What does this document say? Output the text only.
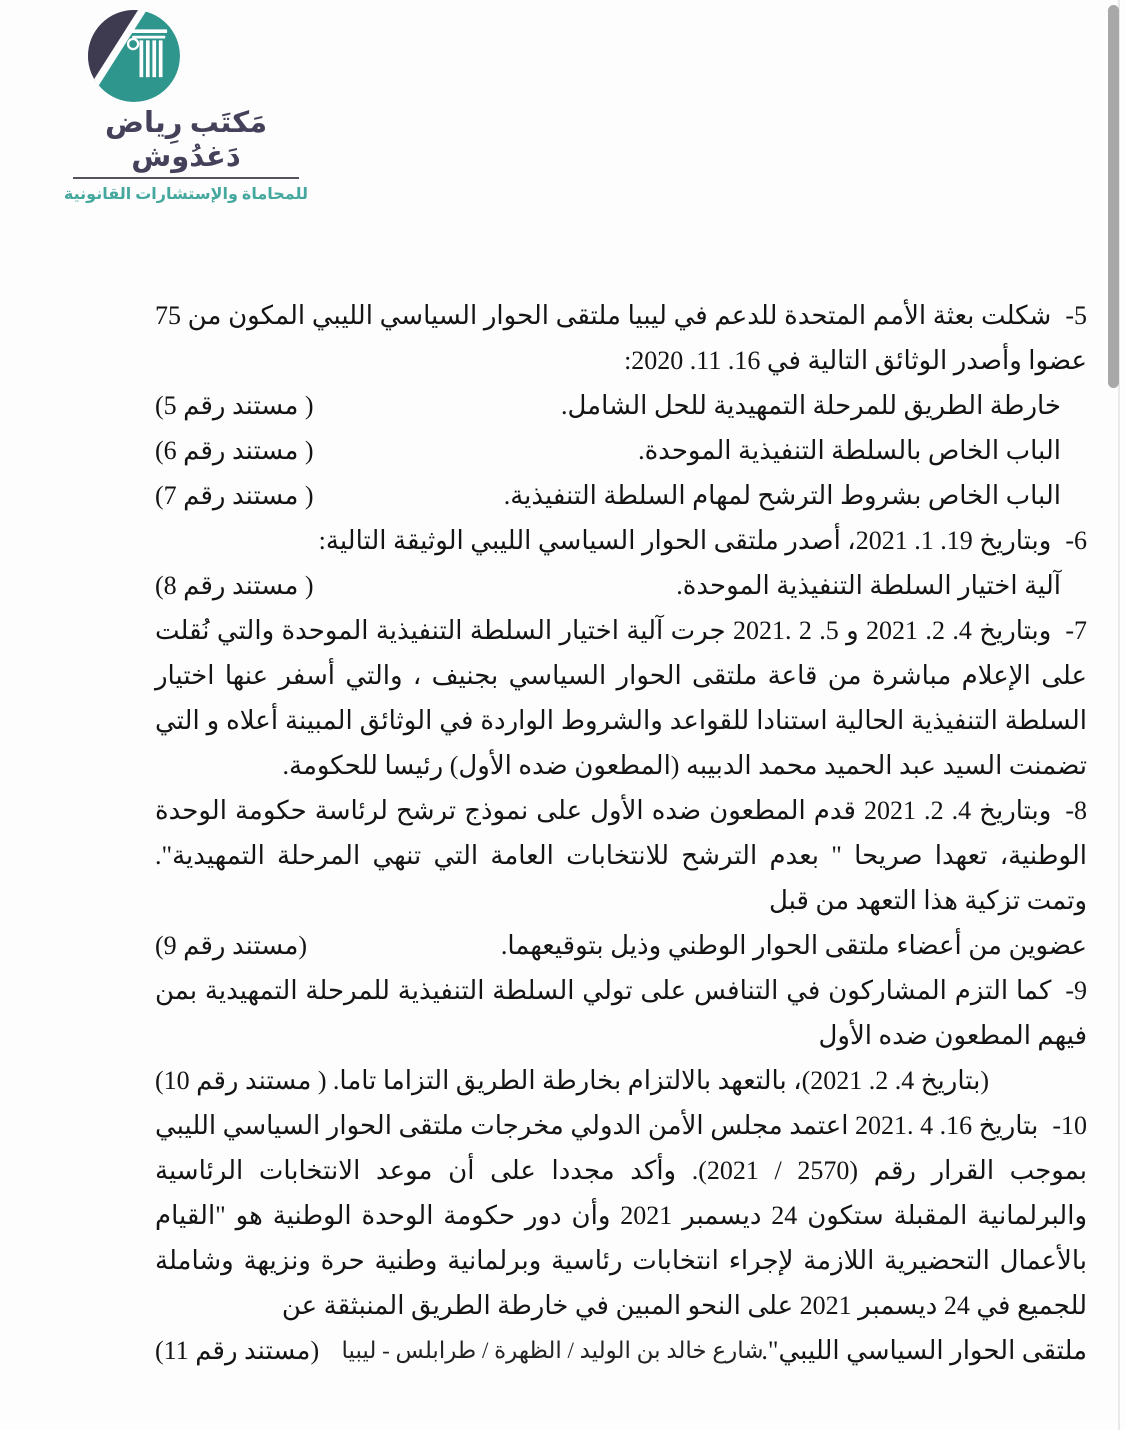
مَكتَب رِياض دَغدُوش
للمحاماة والإستشارات القانونية

5-شكلت بعثة الأمم المتحدة للدعم في ليبيا ملتقى الحوار السياسي الليبي المكون من 75 عضوا وأصدر الوثائق التالية في 16. 11. 2020:

خارطة الطريق للمرحلة التمهيدية للحل الشامل.
( مستند رقم 5)
الباب الخاص بالسلطة التنفيذية الموحدة.
( مستند رقم 6)
الباب الخاص بشروط الترشح لمهام السلطة التنفيذية.
( مستند رقم 7)

6-وبتاريخ 19. 1. 2021، أصدر ملتقى الحوار السياسي الليبي الوثيقة التالية:

آلية اختيار السلطة التنفيذية الموحدة.
( مستند رقم 8)

7-وبتاريخ 4. 2. 2021 و 5. 2 .2021 جرت آلية اختيار السلطة التنفيذية الموحدة والتي نُقلت على الإعلام مباشرة من قاعة ملتقى الحوار السياسي بجنيف ، والتي أسفر عنها اختيار السلطة التنفيذية الحالية استنادا للقواعد والشروط الواردة في الوثائق المبينة أعلاه و التي تضمنت السيد عبد الحميد محمد الدبيبه (المطعون ضده الأول) رئيسا للحكومة.

8-وبتاريخ 4. 2. 2021 قدم المطعون ضده الأول على نموذج ترشح لرئاسة حكومة الوحدة الوطنية، تعهدا صريحا " بعدم الترشح للانتخابات العامة التي تنهي المرحلة التمهيدية". وتمت تزكية هذا التعهد من قبل

عضوين من أعضاء ملتقى الحوار الوطني وذيل بتوقيعهما.
(مستند رقم 9)

9-كما التزم المشاركون في التنافس على تولي السلطة التنفيذية للمرحلة التمهيدية بمن فيهم المطعون ضده الأول

(بتاريخ 4. 2. 2021)، بالتعهد بالالتزام بخارطة الطريق التزاما تاما.
( مستند رقم 10)

10-بتاريخ 16. 4 .2021 اعتمد مجلس الأمن الدولي مخرجات ملتقى الحوار السياسي الليبي بموجب القرار رقم (2570 / 2021). وأكد مجددا على أن موعد الانتخابات الرئاسية والبرلمانية المقبلة ستكون 24 ديسمبر 2021 وأن دور حكومة الوحدة الوطنية هو "القيام بالأعمال التحضيرية اللازمة لإجراء انتخابات رئاسية وبرلمانية وطنية حرة ونزيهة وشاملة للجميع في 24 ديسمبر 2021 على النحو المبين في خارطة الطريق المنبثقة عن

ملتقى الحوار السياسي الليبي".
(مستند رقم 11) شارع خالد بن الوليد / الظهرة / طرابلس - ليبيا
